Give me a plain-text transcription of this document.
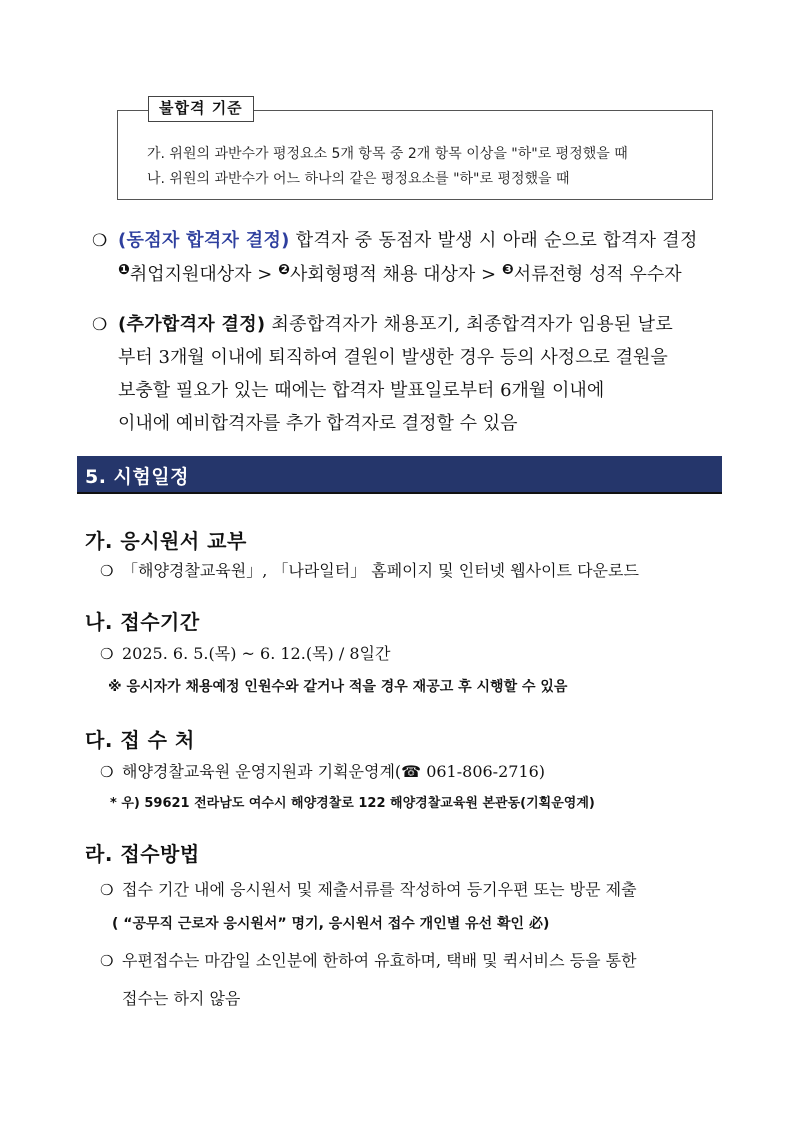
불합격 기준
가. 위원의 과반수가 평정요소 5개 항목 중 2개 항목 이상을 "하"로 평정했을 때
나. 위원의 과반수가 어느 하나의 같은 평정요소를 "하"로 평정했을 때
❍ (동점자 합격자 결정) 합격자 중 동점자 발생 시 아래 순으로 합격자 결정
$^❶$취업지원대상자 > $^❷$사회형평적 채용 대상자 > $^❸$서류전형 성적 우수자
❍ (추가합격자 결정) 최종합격자가 채용포기, 최종합격자가 임용된 날로
부터 3개월 이내에 퇴직하여 결원이 발생한 경우 등의 사정으로 결원을
보충할 필요가 있는 때에는 합격자 발표일로부터 6개월 이내에
이내에 예비합격자를 추가 합격자로 결정할 수 있음
5. 시험일정
가. 응시원서 교부
❍ 「해양경찰교육원」, 「나라일터」 홈페이지 및 인터넷 웹사이트 다운로드
나. 접수기간
❍ 2025. 6. 5.(목) ~ 6. 12.(목) / 8일간
※ 응시자가 채용예정 인원수와 같거나 적을 경우 재공고 후 시행할 수 있음
다. 접 수 처
❍ 해양경찰교육원 운영지원과 기획운영계(☎ 061-806-2716)
* 우) 59621 전라남도 여수시 해양경찰로 122 해양경찰교육원 본관동(기획운영계)
라. 접수방법
❍ 접수 기간 내에 응시원서 및 제출서류를 작성하여 등기우편 또는 방문 제출
( “공무직 근로자 응시원서” 명기, 응시원서 접수 개인별 유선 확인 必)
❍ 우편접수는 마감일 소인분에 한하여 유효하며, 택배 및 퀵서비스 등을 통한
접수는 하지 않음
